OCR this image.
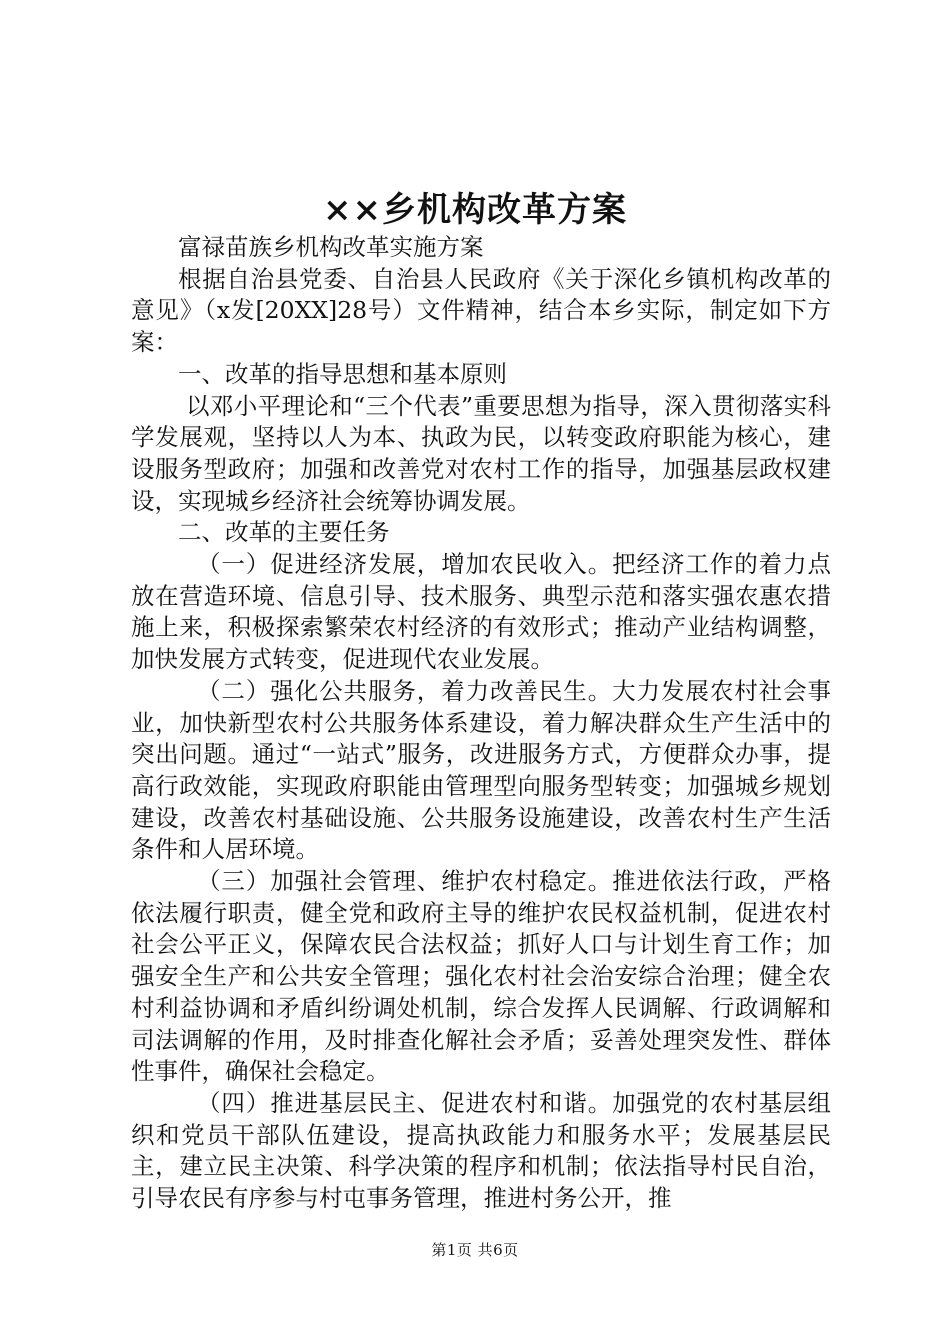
××乡机构改革方案

富禄苗族乡机构改革实施方案

根据自治县党委、自治县人民政府《关于深化乡镇机构改革的意见》（x发[20XX]28号）文件精神，结合本乡实际，制定如下方案：

一、改革的指导思想和基本原则

以邓小平理论和“三个代表”重要思想为指导，深入贯彻落实科学发展观，坚持以人为本、执政为民，以转变政府职能为核心，建设服务型政府；加强和改善党对农村工作的指导，加强基层政权建设，实现城乡经济社会统筹协调发展。

二、改革的主要任务

（一）促进经济发展，增加农民收入。把经济工作的着力点放在营造环境、信息引导、技术服务、典型示范和落实强农惠农措施上来，积极探索繁荣农村经济的有效形式；推动产业结构调整，加快发展方式转变，促进现代农业发展。

（二）强化公共服务，着力改善民生。大力发展农村社会事业，加快新型农村公共服务体系建设，着力解决群众生产生活中的突出问题。通过“一站式”服务，改进服务方式，方便群众办事，提高行政效能，实现政府职能由管理型向服务型转变；加强城乡规划建设，改善农村基础设施、公共服务设施建设，改善农村生产生活条件和人居环境。

（三）加强社会管理、维护农村稳定。推进依法行政，严格依法履行职责，健全党和政府主导的维护农民权益机制，促进农村社会公平正义，保障农民合法权益；抓好人口与计划生育工作；加强安全生产和公共安全管理；强化农村社会治安综合治理；健全农村利益协调和矛盾纠纷调处机制，综合发挥人民调解、行政调解和司法调解的作用，及时排查化解社会矛盾；妥善处理突发性、群体性事件，确保社会稳定。

（四）推进基层民主、促进农村和谐。加强党的农村基层组织和党员干部队伍建设，提高执政能力和服务水平；发展基层民主，建立民主决策、科学决策的程序和机制；依法指导村民自治，引导农民有序参与村屯事务管理，推进村务公开，推

第1页 共6页
